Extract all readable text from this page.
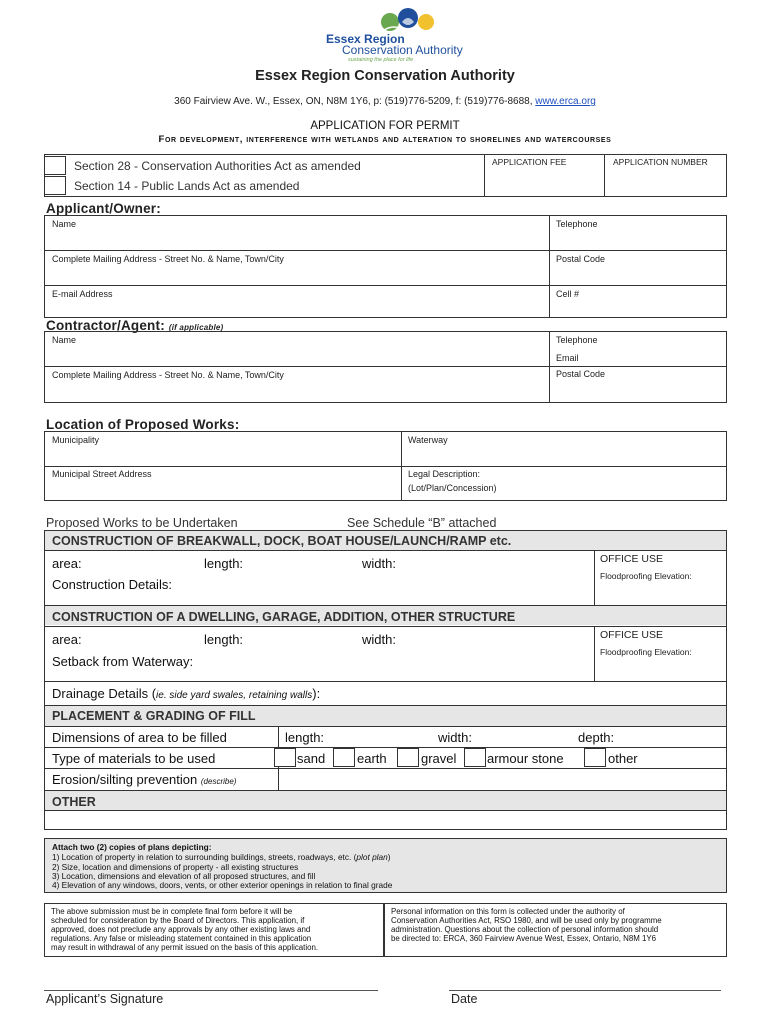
Essex Region
Conservation Authority
sustaining the place for life
Essex Region Conservation Authority
360 Fairview Ave. W., Essex, ON, N8M 1Y6, p: (519)776-5209, f: (519)776-8688, www.erca.org
APPLICATION FOR PERMIT
For development, interference with wetlands and alteration to shorelines and watercourses
Section 28 - Conservation Authorities Act as amended
Section 14 - Public Lands Act as amended
APPLICATION FEE	APPLICATION NUMBER
Applicant/Owner:
Name	Telephone
Complete Mailing Address - Street No. & Name, Town/City	Postal Code
E-mail Address	Cell #
Contractor/Agent: (if applicable)
Name	Telephone
Email
Complete Mailing Address - Street No. & Name, Town/City	Postal Code
Location of Proposed Works:
Municipality	Waterway
Municipal Street Address	Legal Description:
(Lot/Plan/Concession)
Proposed Works to be Undertaken	See Schedule “B” attached
CONSTRUCTION OF BREAKWALL, DOCK, BOAT HOUSE/LAUNCH/RAMP etc.
area:	length:	width:
Construction Details:
OFFICE USE
Floodproofing Elevation:
CONSTRUCTION OF A DWELLING, GARAGE, ADDITION, OTHER STRUCTURE
area:	length:	width:
Setback from Waterway:
OFFICE USE
Floodproofing Elevation:
Drainage Details (ie. side yard swales, retaining walls):
PLACEMENT & GRADING OF FILL
Dimensions of area to be filled	length:	width:	depth:
Type of materials to be used	sand earth	gravel armour stone	other
Erosion/silting prevention (describe)
OTHER
Attach two (2) copies of plans depicting:
1) Location of property in relation to surrounding buildings, streets, roadways, etc. (plot plan)
2) Size, location and dimensions of property - all existing structures
3) Location, dimensions and elevation of all proposed structures, and fill
4) Elevation of any windows, doors, vents, or other exterior openings in relation to final grade
The above submission must be in complete final form before it will be
scheduled for consideration by the Board of Directors. This application, if
approved, does not preclude any approvals by any other existing laws and
regulations. Any false or misleading statement contained in this application
may result in withdrawal of any permit issued on the basis of this application.
Personal information on this form is collected under the authority of
Conservation Authorities Act, RSO 1980, and will be used only by programme
administration. Questions about the collection of personal information should
be directed to: ERCA, 360 Fairview Avenue West, Essex, Ontario, N8M 1Y6
Applicant’s Signature	Date
